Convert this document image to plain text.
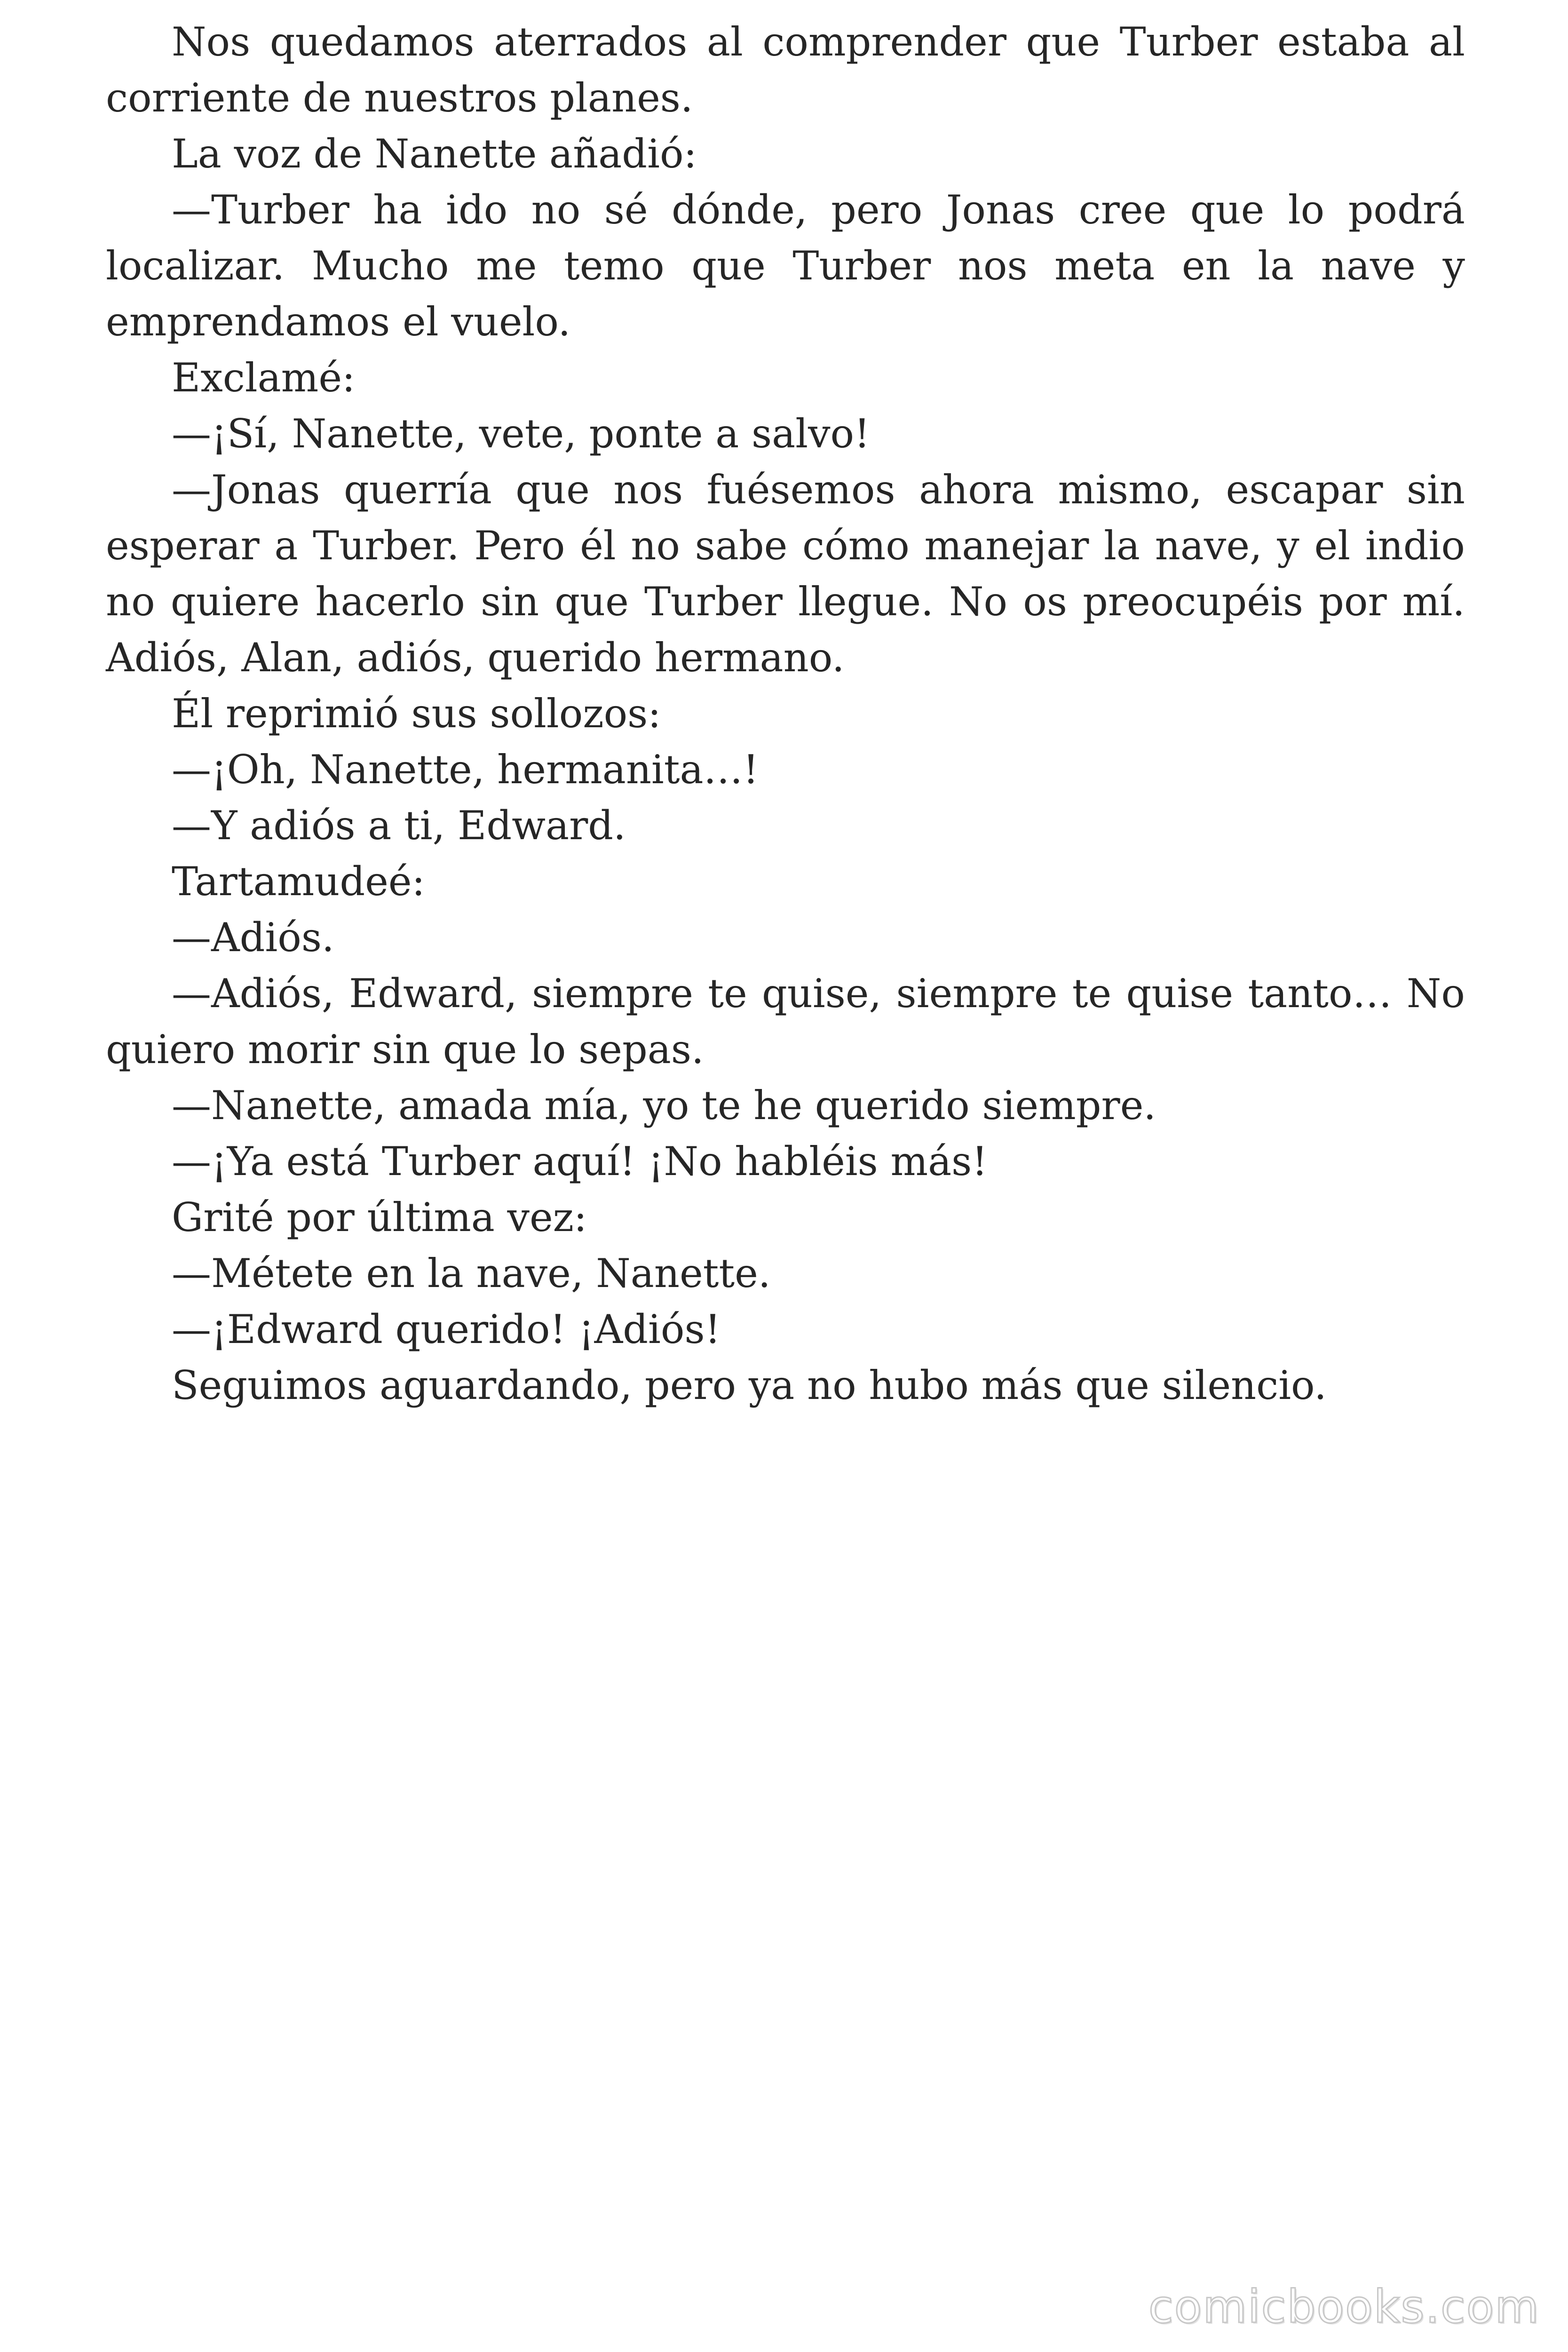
Nos quedamos aterrados al comprender que Turber estaba al corriente de nuestros planes.

La voz de Nanette añadió:

—Turber ha ido no sé dónde, pero Jonas cree que lo podrá localizar. Mucho me temo que Turber nos meta en la nave y emprendamos el vuelo.

Exclamé:

—¡Sí, Nanette, vete, ponte a salvo!

—Jonas querría que nos fuésemos ahora mismo, escapar sin esperar a Turber. Pero él no sabe cómo manejar la nave, y el indio no quiere hacerlo sin que Turber llegue. No os preocupéis por mí. Adiós, Alan, adiós, querido hermano.

Él reprimió sus sollozos:

—¡Oh, Nanette, hermanita…!

—Y adiós a ti, Edward.

Tartamudeé:

—Adiós.

—Adiós, Edward, siempre te quise, siempre te quise tanto… No quiero morir sin que lo sepas.

—Nanette, amada mía, yo te he querido siempre.

—¡Ya está Turber aquí! ¡No habléis más!

Grité por última vez:

—Métete en la nave, Nanette.

—¡Edward querido! ¡Adiós!

Seguimos aguardando, pero ya no hubo más que silencio.

comicbooks.com
